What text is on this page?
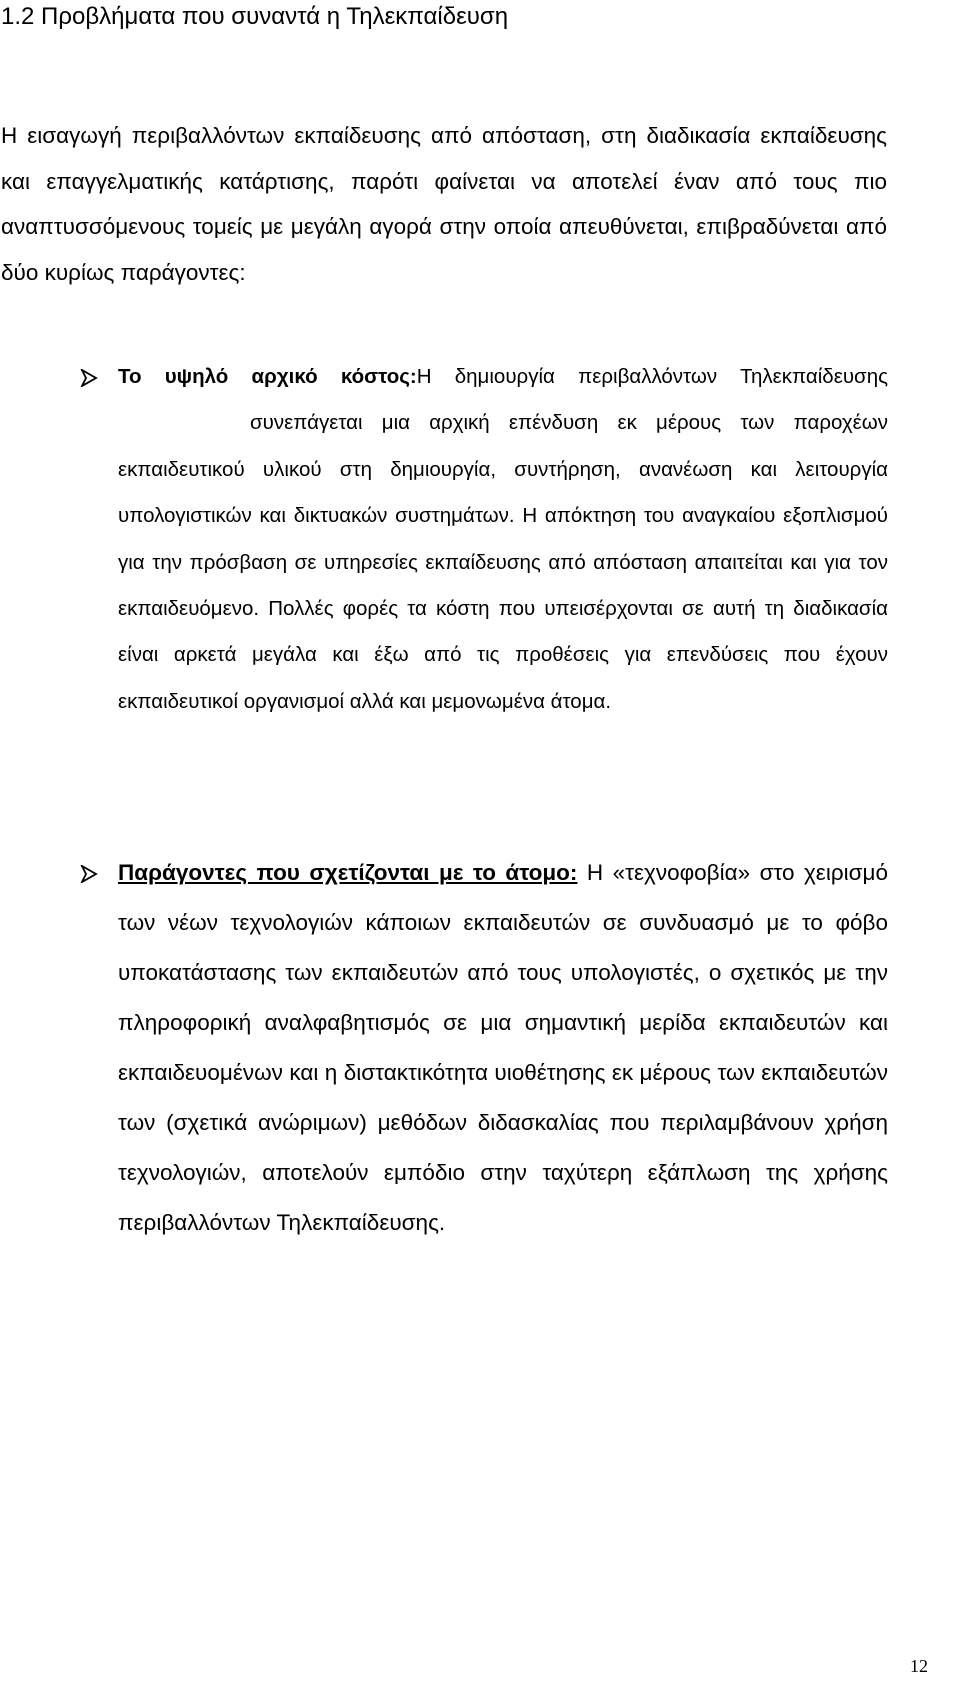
1.2 Προβλήματα που συναντά η Τηλεκπαίδευση

Η εισαγωγή περιβαλλόντων εκπαίδευσης από απόσταση, στη διαδικασία εκπαίδευσης και επαγγελματικής κατάρτισης, παρότι φαίνεται να αποτελεί έναν από τους πιο αναπτυσσόμενους τομείς με μεγάλη αγορά στην οποία απευθύνεται, επιβραδύνεται από δύο κυρίως παράγοντες:

Το υψηλό αρχικό κόστος:Η δημιουργία περιβαλλόντων Τηλεκπαίδευσηςσυνεπάγεται μια αρχική επένδυση εκ μέρους των παροχέων εκπαιδευτικού υλικού στη δημιουργία, συντήρηση, ανανέωση και λειτουργία υπολογιστικών και δικτυακών συστημάτων. Η απόκτηση του αναγκαίου εξοπλισμού για την πρόσβαση σε υπηρεσίες εκπαίδευσης από απόσταση απαιτείται και για τον εκπαιδευόμενο. Πολλές φορές τα κόστη που υπεισέρχονται σε αυτή τη διαδικασία είναι αρκετά μεγάλα και έξω από τις προθέσεις για επενδύσεις που έχουν εκπαιδευτικοί οργανισμοί αλλά και μεμονωμένα άτομα.
Παράγοντες που σχετίζονται με το άτομο: Η «τεχνοφοβία» στο χειρισμό των νέων τεχνολογιών κάποιων εκπαιδευτών σε συνδυασμό με το φόβο υποκατάστασης των εκπαιδευτών από τους υπολογιστές, ο σχετικός με την πληροφορική αναλφαβητισμός σε μια σημαντική μερίδα εκπαιδευτών και εκπαιδευομένων και η διστακτικότητα υιοθέτησης εκ μέρους των εκπαιδευτών των (σχετικά ανώριμων) μεθόδων διδασκαλίας που περιλαμβάνουν χρήση τεχνολογιών, αποτελούν εμπόδιο στην ταχύτερη εξάπλωση της χρήσης περιβαλλόντων Τηλεκπαίδευσης.
12
